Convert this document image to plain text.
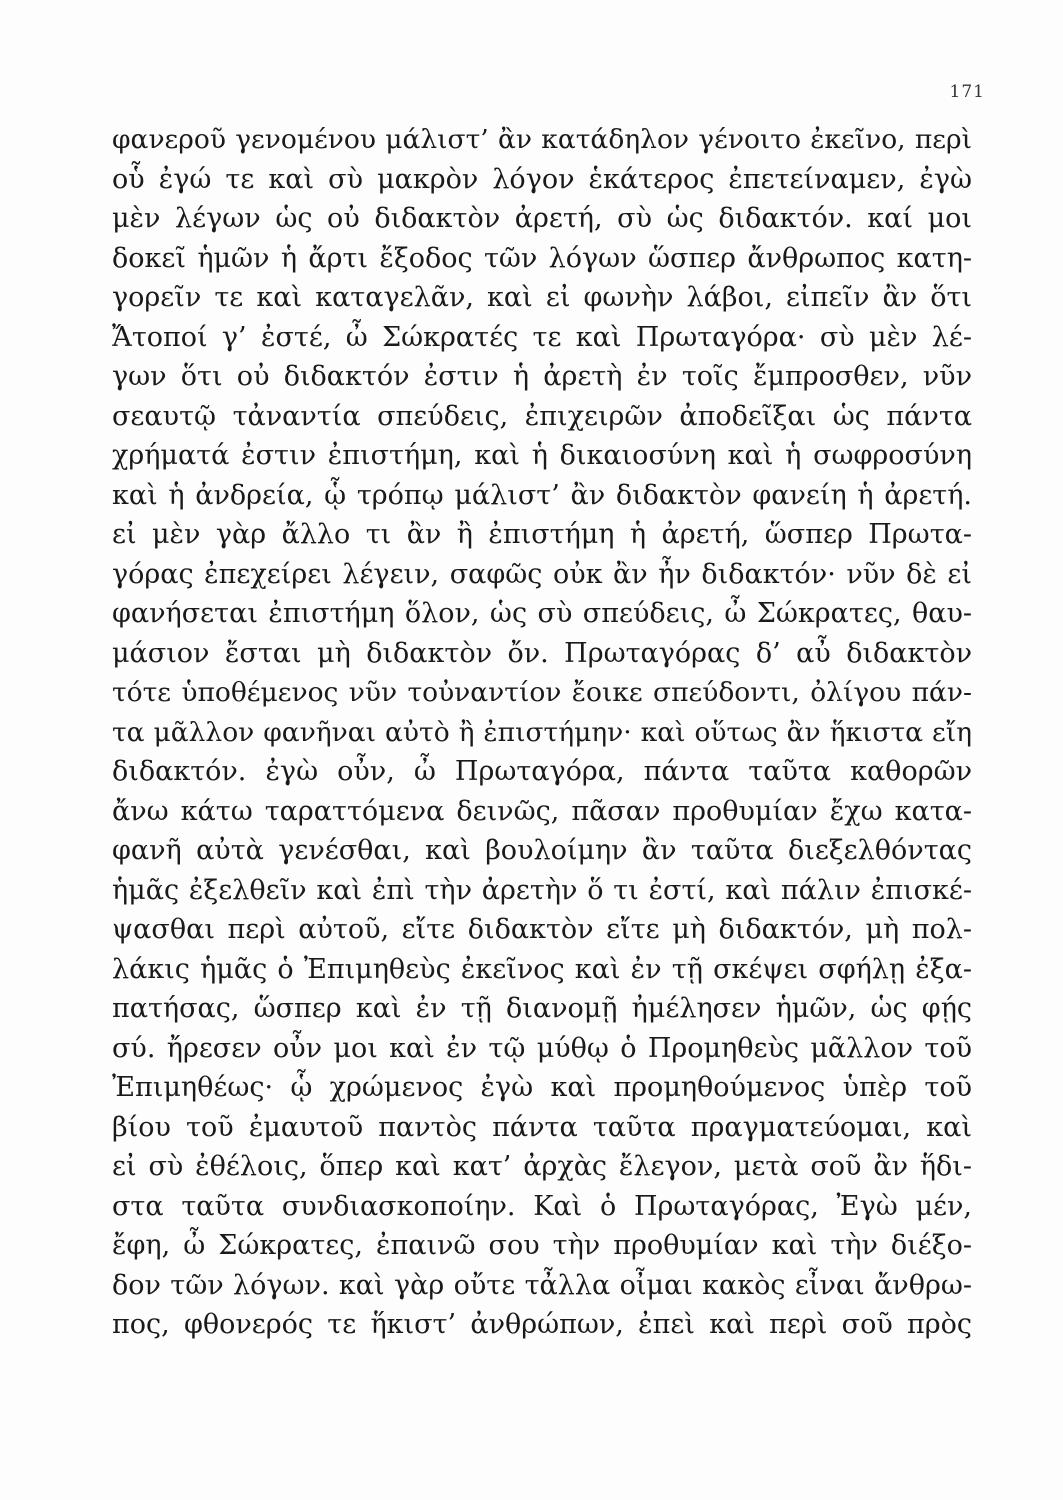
171
φανεροῦ γενομένου μάλιστ’ ἂν κατάδηλον γένοιτο ἐκεῖνο, περὶ
οὗ ἐγώ τε καὶ σὺ μακρὸν λόγον ἑκάτερος ἐπετείναμεν, ἐγὼ
μὲν λέγων ὡς οὐ διδακτὸν ἀρετή, σὺ ὡς διδακτόν. καί μοι
δοκεῖ ἡμῶν ἡ ἄρτι ἔξοδος τῶν λόγων ὥσπερ ἄνθρωπος κατη-
γορεῖν τε καὶ καταγελᾶν, καὶ εἰ φωνὴν λάβοι, εἰπεῖν ἂν ὅτι
Ἄτοποί γ’ ἐστέ, ὦ Σώκρατές τε καὶ Πρωταγόρα· σὺ μὲν λέ-
γων ὅτι οὐ διδακτόν ἐστιν ἡ ἀρετὴ ἐν τοῖς ἔμπροσθεν, νῦν
σεαυτῷ τἀναντία σπεύδεις, ἐπιχειρῶν ἀποδεῖξαι ὡς πάντα
χρήματά ἐστιν ἐπιστήμη, καὶ ἡ δικαιοσύνη καὶ ἡ σωφροσύνη
καὶ ἡ ἀνδρεία, ᾧ τρόπῳ μάλιστ’ ἂν διδακτὸν φανείη ἡ ἀρετή.
εἰ μὲν γὰρ ἄλλο τι ἂν ἢ ἐπιστήμη ἡ ἀρετή, ὥσπερ Πρωτα-
γόρας ἐπεχείρει λέγειν, σαφῶς οὐκ ἂν ἦν διδακτόν· νῦν δὲ εἰ
φανήσεται ἐπιστήμη ὅλον, ὡς σὺ σπεύδεις, ὦ Σώκρατες, θαυ-
μάσιον ἔσται μὴ διδακτὸν ὄν. Πρωταγόρας δ’ αὖ διδακτὸν
τότε ὑποθέμενος νῦν τοὐναντίον ἔοικε σπεύδοντι, ὀλίγου πάν-
τα μᾶλλον φανῆναι αὐτὸ ἢ ἐπιστήμην· καὶ οὕτως ἂν ἥκιστα εἴη
διδακτόν. ἐγὼ οὖν, ὦ Πρωταγόρα, πάντα ταῦτα καθορῶν
ἄνω κάτω ταραττόμενα δεινῶς, πᾶσαν προθυμίαν ἔχω κατα-
φανῆ αὐτὰ γενέσθαι, καὶ βουλοίμην ἂν ταῦτα διεξελθόντας
ἡμᾶς ἐξελθεῖν καὶ ἐπὶ τὴν ἀρετὴν ὅ τι ἐστί, καὶ πάλιν ἐπισκέ-
ψασθαι περὶ αὐτοῦ, εἴτε διδακτὸν εἴτε μὴ διδακτόν, μὴ πολ-
λάκις ἡμᾶς ὁ Ἐπιμηθεὺς ἐκεῖνος καὶ ἐν τῇ σκέψει σφήλῃ ἐξα-
πατήσας, ὥσπερ καὶ ἐν τῇ διανομῇ ἠμέλησεν ἡμῶν, ὡς φῄς
σύ. ἤρεσεν οὖν μοι καὶ ἐν τῷ μύθῳ ὁ Προμηθεὺς μᾶλλον τοῦ
Ἐπιμηθέως· ᾧ χρώμενος ἐγὼ καὶ προμηθούμενος ὑπὲρ τοῦ
βίου τοῦ ἐμαυτοῦ παντὸς πάντα ταῦτα πραγματεύομαι, καὶ
εἰ σὺ ἐθέλοις, ὅπερ καὶ κατ’ ἀρχὰς ἔλεγον, μετὰ σοῦ ἂν ἥδι-
στα ταῦτα συνδιασκοποίην. Καὶ ὁ Πρωταγόρας, Ἐγὼ μέν,
ἔφη, ὦ Σώκρατες, ἐπαινῶ σου τὴν προθυμίαν καὶ τὴν διέξο-
δον τῶν λόγων. καὶ γὰρ οὔτε τἆλλα οἶμαι κακὸς εἶναι ἄνθρω-
πος, φθονερός τε ἥκιστ’ ἀνθρώπων, ἐπεὶ καὶ περὶ σοῦ πρὸς
